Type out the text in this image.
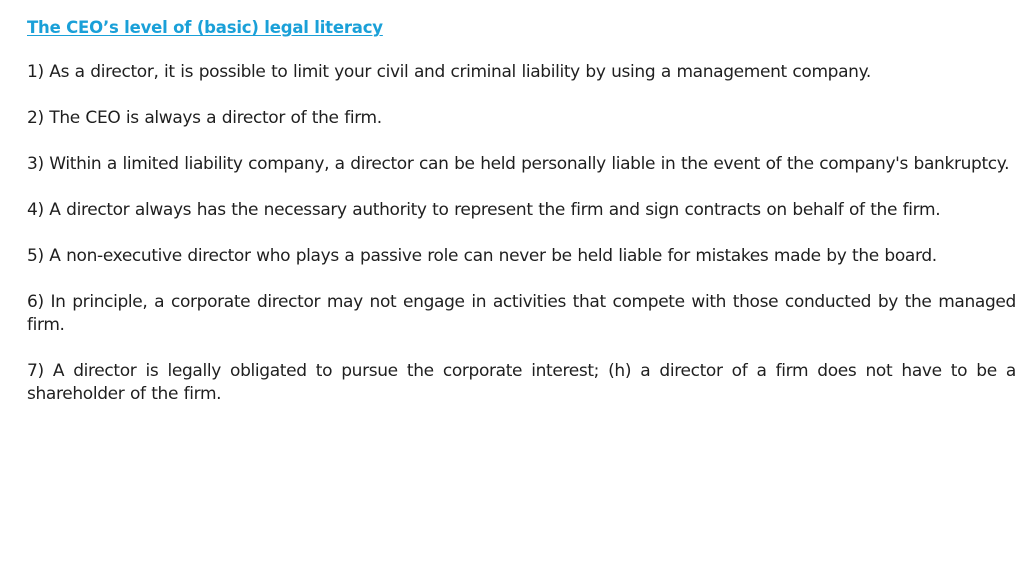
The CEO’s level of (basic) legal literacy

1) As a director, it is possible to limit your civil and criminal liability by using a management company.

2) The CEO is always a director of the firm.

3) Within a limited liability company, a director can be held personally liable in the event of the company's bankruptcy.

4) A director always has the necessary authority to represent the firm and sign contracts on behalf of the firm.

5) A non-executive director who plays a passive role can never be held liable for mistakes made by the board.

6) In principle, a corporate director may not engage in activities that compete with those conducted by the managed firm.

7) A director is legally obligated to pursue the corporate interest; (h) a director of a firm does not have to be a shareholder of the firm.
